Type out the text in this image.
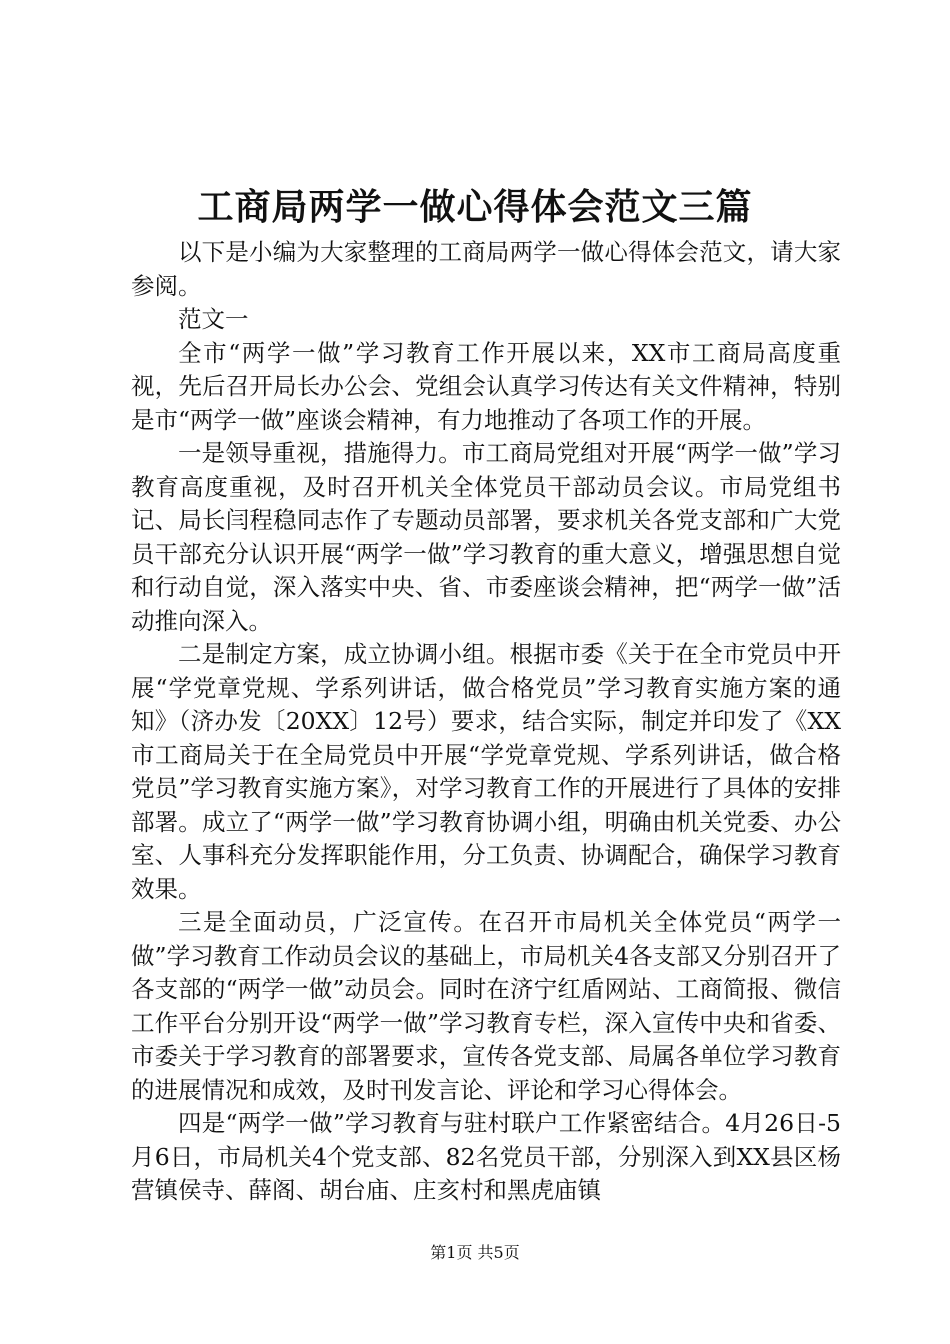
工商局两学一做心得体会范文三篇

以下是小编为大家整理的工商局两学一做心得体会范文，请大家参阅。

范文一

全市“两学一做”学习教育工作开展以来，XX市工商局高度重视，先后召开局长办公会、党组会认真学习传达有关文件精神，特别是市“两学一做”座谈会精神，有力地推动了各项工作的开展。

一是领导重视，措施得力。市工商局党组对开展“两学一做”学习教育高度重视，及时召开机关全体党员干部动员会议。市局党组书记、局长闫程稳同志作了专题动员部署，要求机关各党支部和广大党员干部充分认识开展“两学一做”学习教育的重大意义，增强思想自觉和行动自觉，深入落实中央、省、市委座谈会精神，把“两学一做”活动推向深入。

二是制定方案，成立协调小组。根据市委《关于在全市党员中开展“学党章党规、学系列讲话，做合格党员”学习教育实施方案的通知》（济办发〔20XX〕12号）要求，结合实际，制定并印发了《XX市工商局关于在全局党员中开展“学党章党规、学系列讲话，做合格党员”学习教育实施方案》，对学习教育工作的开展进行了具体的安排部署。成立了“两学一做”学习教育协调小组，明确由机关党委、办公室、人事科充分发挥职能作用，分工负责、协调配合，确保学习教育效果。

三是全面动员，广泛宣传。在召开市局机关全体党员“两学一做”学习教育工作动员会议的基础上，市局机关4各支部又分别召开了各支部的“两学一做”动员会。同时在济宁红盾网站、工商简报、微信工作平台分别开设“两学一做”学习教育专栏，深入宣传中央和省委、市委关于学习教育的部署要求，宣传各党支部、局属各单位学习教育的进展情况和成效，及时刊发言论、评论和学习心得体会。

四是“两学一做”学习教育与驻村联户工作紧密结合。4月26日-5月6日，市局机关4个党支部、82名党员干部，分别深入到XX县区杨营镇侯寺、薛阁、胡台庙、庄亥村和黑虎庙镇

第1页 共5页
